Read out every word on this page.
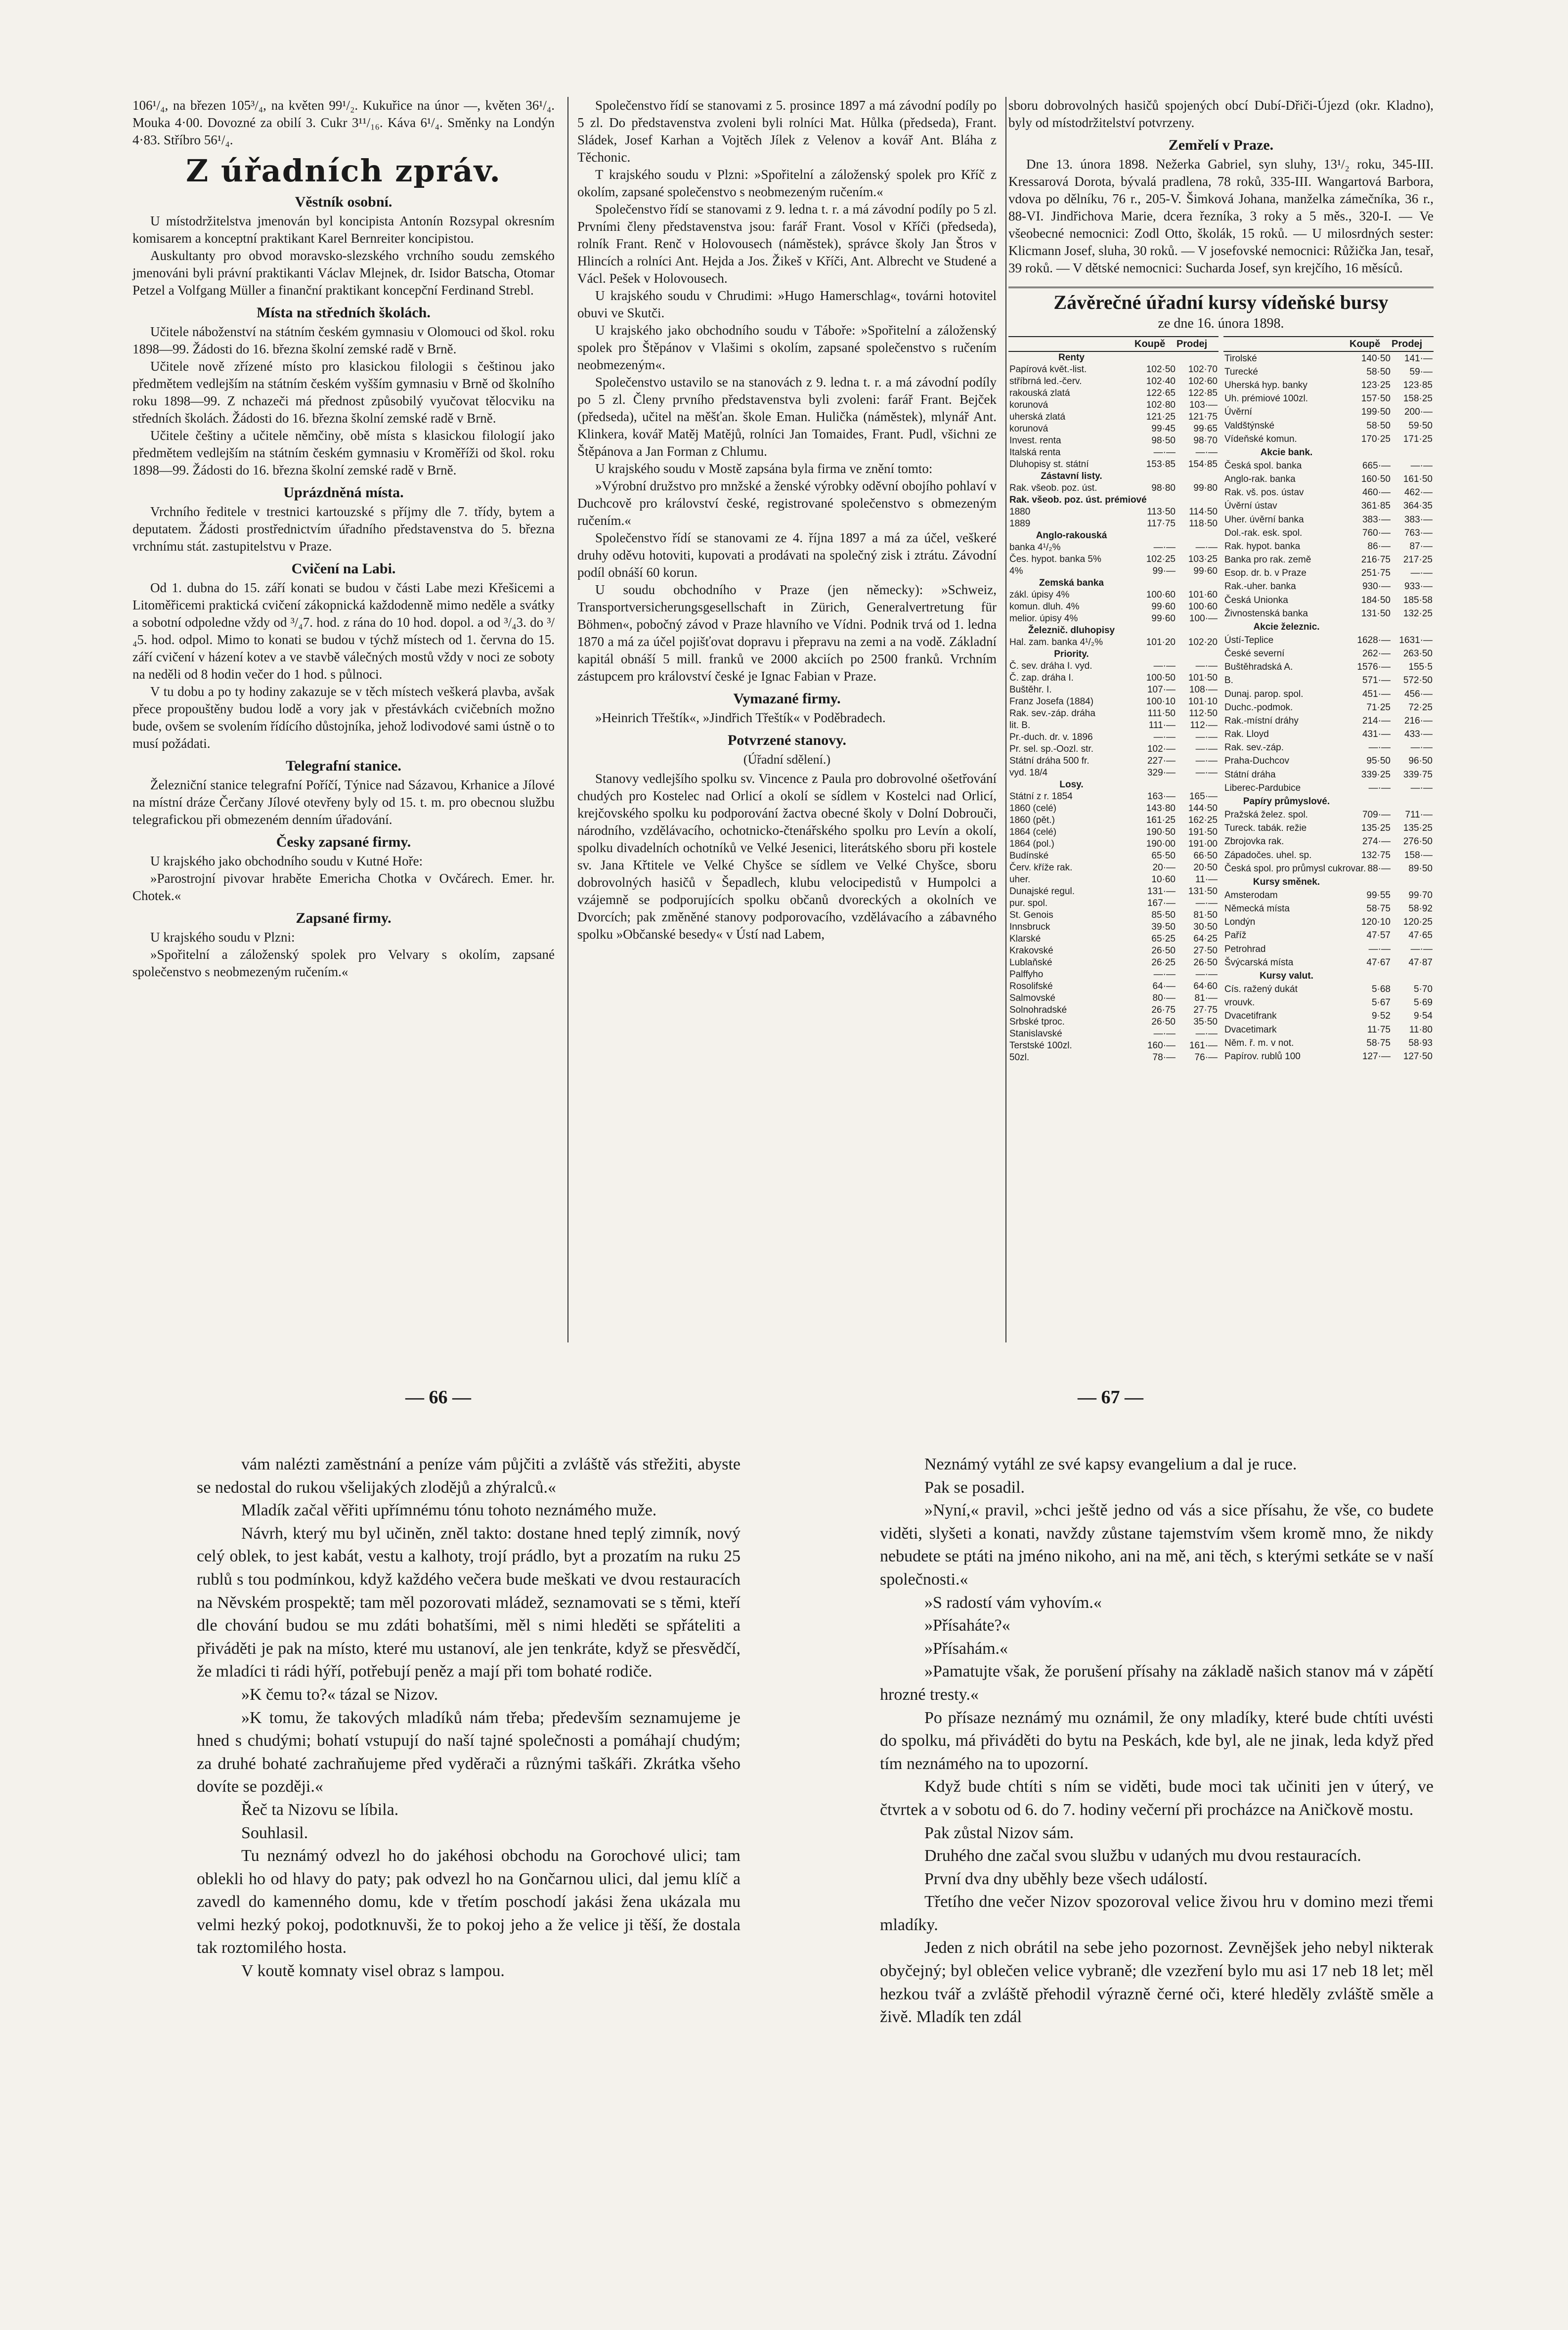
106¹/₄, na březen 105³/₄, na květen 99¹/₂. Kukuřice na únor —, květen 36¹/₄. Mouka 4·00. Dovozné za obilí 3. Cukr 3¹¹/₁₆. Káva 6¹/₄. Směnky na Londýn 4·83. Stříbro 56¹/₄.

Z úřadních zpráv.
Věstník osobní.

U místodržitelstva jmenován byl koncipista Antonín Rozsypal okresním komisarem a konceptní praktikant Karel Bernreiter koncipistou.

Auskultanty pro obvod moravsko-slezského vrchního soudu zemského jmenováni byli právní praktikanti Václav Mlejnek, dr. Isidor Batscha, Otomar Petzel a Volfgang Müller a finanční praktikant koncepční Ferdinand Strebl.

Místa na středních školách.

Učitele náboženství na státním českém gymnasiu v Olomouci od škol. roku 1898—99. Žádosti do 16. března školní zemské radě v Brně.

Učitele nově zřízené místo pro klasickou filologii s češtinou jako předmětem vedlejším na státním českém vyšším gymnasiu v Brně od školního roku 1898—99. Z nchazeči má přednost způsobilý vyučovat tělocviku na středních školách. Žádosti do 16. března školní zemské radě v Brně.

Učitele češtiny a učitele němčiny, obě místa s klasickou filologií jako předmětem vedlejším na státním českém gymnasiu v Kroměříži od škol. roku 1898—99. Žádosti do 16. března školní zemské radě v Brně.

Uprázdněná místa.

Vrchního ředitele v trestnici kartouzské s příjmy dle 7. třídy, bytem a deputatem. Žádosti prostřednictvím úřadního představenstva do 5. března vrchnímu stát. zastupitelstvu v Praze.

Cvičení na Labi.

Od 1. dubna do 15. září konati se budou v části Labe mezi Křešicemi a Litoměřicemi praktická cvičení zákopnická každodenně mimo neděle a svátky a sobotní odpoledne vždy od ³/₄7. hod. z rána do 10 hod. dopol. a od ³/₄3. do ³/₄5. hod. odpol. Mimo to konati se budou v týchž místech od 1. června do 15. září cvičení v házení kotev a ve stavbě válečných mostů vždy v noci ze soboty na neděli od 8 hodin večer do 1 hod. s půlnoci.

V tu dobu a po ty hodiny zakazuje se v těch místech veškerá plavba, avšak přece propouštěny budou lodě a vory jak v přestávkách cvičebních možno bude, ovšem se svolením řídícího důstojníka, jehož lodivodové sami ústně o to musí požádati.

Telegrafní stanice.

Železniční stanice telegrafní Poříčí, Týnice nad Sázavou, Krhanice a Jílové na místní dráze Čerčany Jílové otevřeny byly od 15. t. m. pro obecnou službu telegrafickou při obmezeném denním úřadování.

Česky zapsané firmy.

U krajského jako obchodního soudu v Kutné Hoře:

»Parostrojní pivovar hraběte Emericha Chotka v Ovčárech. Emer. hr. Chotek.«

Zapsané firmy.

U krajského soudu v Plzni:

»Spořitelní a záloženský spolek pro Velvary s okolím, zapsané společenstvo s neobmezeným ručením.«

Společenstvo řídí se stanovami z 5. prosince 1897 a má závodní podíly po 5 zl. Do představenstva zvoleni byli rolníci Mat. Hůlka (předseda), Frant. Sládek, Josef Karhan a Vojtěch Jílek z Velenov a kovář Ant. Bláha z Těchonic.

T krajského soudu v Plzni: »Spořitelní a záloženský spolek pro Kříč z okolím, zapsané společenstvo s neobmezeným ručením.«

Společenstvo řídí se stanovami z 9. ledna t. r. a má závodní podíly po 5 zl. Prvními členy představenstva jsou: farář Frant. Vosol v Kříči (předseda), rolník Frant. Renč v Holovousech (náměstek), správce školy Jan Štros v Hlincích a rolníci Ant. Hejda a Jos. Žikeš v Kříči, Ant. Albrecht ve Studené a Václ. Pešek v Holovousech.

U krajského soudu v Chrudimi: »Hugo Hamerschlag«, továrni hotovitel obuvi ve Skutči.

U krajského jako obchodního soudu v Táboře: »Spořitelní a záloženský spolek pro Štěpánov v Vlašimi s okolím, zapsané společenstvo s ručením neobmezeným«.

Společenstvo ustavilo se na stanovách z 9. ledna t. r. a má závodní podíly po 5 zl. Členy prvního představenstva byli zvoleni: farář Frant. Bejček (předseda), učitel na měšťan. škole Eman. Hulička (náměstek), mlynář Ant. Klinkera, kovář Matěj Matějů, rolníci Jan Tomaides, Frant. Pudl, všichni ze Štěpánova a Jan Forman z Chlumu.

U krajského soudu v Mostě zapsána byla firma ve znění tomto:

»Výrobní družstvo pro mnžské a ženské výrobky oděvní obojího pohlaví v Duchcově pro království české, registrované společenstvo s obmezeným ručením.«

Společenstvo řídí se stanovami ze 4. října 1897 a má za účel, veškeré druhy oděvu hotoviti, kupovati a prodávati na společný zisk i ztrátu. Závodní podíl obnáší 60 korun.

U soudu obchodního v Praze (jen německy): »Schweiz, Transportversicherungsgesellschaft in Zürich, Generalvertretung für Böhmen«, pobočný závod v Praze hlavního ve Vídni. Podnik trvá od 1. ledna 1870 a má za účel pojišťovat dopravu i přepravu na zemi a na vodě. Základní kapitál obnáší 5 mill. franků ve 2000 akciích po 2500 franků. Vrchním zástupcem pro království české je Ignac Fabian v Praze.

Vymazané firmy.

»Heinrich Třeštík«, »Jindřich Třeštík« v Poděbradech.

Potvrzené stanovy.
(Úřadní sdělení.)

Stanovy vedlejšího spolku sv. Vincence z Paula pro dobrovolné ošetřování chudých pro Kostelec nad Orlicí a okolí se sídlem v Kostelci nad Orlicí, krejčovského spolku ku podporování žactva obecné školy v Dolní Dobrouči, národního, vzdělávacího, ochotnicko-čtenářského spolku pro Levín a okolí, spolku divadelních ochotníků ve Velké Jesenici, literátského sboru při kostele sv. Jana Křtitele ve Velké Chyšce se sídlem ve Velké Chyšce, sboru dobrovolných hasičů v Šepadlech, klubu velocipedistů v Humpolci a vzájemně se podporujících spolku občanů dvoreckých a okolních ve Dvorcích; pak změněné stanovy podporovacího, vzdělávacího a zábavného spolku »Občanské besedy« v Ústí nad Labem,

sboru dobrovolných hasičů spojených obcí Dubí-Dřiči-Újezd (okr. Kladno), byly od místodržitelství potvrzeny.

Zemřelí v Praze.

Dne 13. února 1898. Nežerka Gabriel, syn sluhy, 13¹/₂ roku, 345-III. Kressarová Dorota, bývalá pradlena, 78 roků, 335-III. Wangartová Barbora, vdova po dělníku, 76 r., 205-V. Šimková Johana, manželka zámečníka, 36 r., 88-VI. Jindřichova Marie, dcera řezníka, 3 roky a 5 měs., 320-I. — Ve všeobecné nemocnici: Zodl Otto, školák, 15 roků. — U milosrdných sester: Klicmann Josef, sluha, 30 roků. — V josefovské nemocnici: Růžička Jan, tesař, 39 roků. — V dětské nemocnici: Sucharda Josef, syn krejčího, 16 měsíců.

Závěrečné úřadní kursy vídeňské bursy
ze dne 16. února 1898.
	Koupě	Prodej
Renty		
Papírová květ.-list.	102·50	102·70
stříbrná led.-červ.	102·40	102·60
rakouská zlatá	122·65	122·85
korunová	102·80	103·—
uherská zlatá	121·25	121·75
korunová	99·45	99·65
Invest. renta	98·50	98·70
Italská renta	—·—	—·—
Dluhopisy st. státní	153·85	154·85
Zástavní listy.		
Rak. všeob. poz. úst.	98·80	99·80
Rak. všeob. poz. úst. prémiové		
1880	113·50	114·50
1889	117·75	118·50
Anglo-rakouská		
banka 4¹/₂%	—·—	—·—
Čes. hypot. banka 5%	102·25	103·25
4%	99·—	99·60
Zemská banka		
zákl. úpisy 4%	100·60	101·60
komun. dluh. 4%	99·60	100·60
melior. úpisy 4%	99·60	100·—
Železnič. dluhopisy		
Hal. zam. banka 4¹/₂%	101·20	102·20
Priority.		
Č. sev. dráha I. vyd.	—·—	—·—
Č. zap. dráha I.	100·50	101·50
Buštěhr. I.	107·—	108·—
Franz Josefa (1884)	100·10	101·10
Rak. sev.-záp. dráha	111·50	112·50
lit. B.	111·—	112·—
Pr.-duch. dr. v. 1896	—·—	—·—
Pr. sel. sp.-Oozl. str.	102·—	—·—
Státní dráha 500 fr.	227·—	—·—
vyd. 18/4	329·—	—·—
Losy.		
Státní z r. 1854	163·—	165·—
1860 (celé)	143·80	144·50
1860 (pět.)	161·25	162·25
1864 (celé)	190·50	191·50
1864 (pol.)	190·00	191·00
Budínské	65·50	66·50
Červ. kříže rak.	20·—	20·50
uher.	10·60	11·—
Dunajské regul.	131·—	131·50
pur. spol.	167·—	—·—
St. Genois	85·50	81·50
Innsbruck	39·50	30·50
Klarské	65·25	64·25
Krakovské	26·50	27·50
Lublaňské	26·25	26·50
Palffyho	—·—	—·—
Rosolifské	64·—	64·60
Salmovské	80·—	81·—
Solnohradské	26·75	27·75
Srbské tproc.	26·50	35·50
Stanislavské	—·—	—·—
Terstské 100zl.	160·—	161·—
50zl.	78·—	76·—
	Koupě	Prodej
Tirolské	140·50	141·—
Turecké	58·50	59·—
Uherská hyp. banky	123·25	123·85
Uh. prémiové 100zl.	157·50	158·25
Úvěrní	199·50	200·—
Valdštýnské	58·50	59·50
Vídeňské komun.	170·25	171·25
Akcie bank.		
Česká spol. banka	665·—	—·—
Anglo-rak. banka	160·50	161·50
Rak. vš. pos. ústav	460·—	462·—
Úvěrní ústav	361·85	364·35
Uher. úvěrní banka	383·—	383·—
Dol.-rak. esk. spol.	760·—	763·—
Rak. hypot. banka	86·—	87·—
Banka pro rak. země	216·75	217·25
Esop. dr. b. v Praze	251·75	—·—
Rak.-uher. banka	930·—	933·—
Česká Unionka	184·50	185·58
Živnostenská banka	131·50	132·25
Akcie železnic.		
Ústí-Teplice	1628·—	1631·—
České severní	262·—	263·50
Buštěhradská A.	1576·—	155·5
B.	571·—	572·50
Dunaj. parop. spol.	451·—	456·—
Duchc.-podmok.	71·25	72·25
Rak.-místní dráhy	214·—	216·—
Rak. Lloyd	431·—	433·—
Rak. sev.-záp.	—·—	—·—
Praha-Duchcov	95·50	96·50
Státní dráha	339·25	339·75
Liberec-Pardubice	—·—	—·—
Papíry průmyslové.		
Pražská želez. spol.	709·—	711·—
Tureck. tabák. režie	135·25	135·25
Zbrojovka rak.	274·—	276·50
Západočes. uhel. sp.	132·75	158·—
Česká spol. pro průmysl cukrovar.	88·—	89·50
Kursy směnek.		
Amsterodam	99·55	99·70
Německá místa	58·75	58·92
Londýn	120·10	120·25
Paříž	47·57	47·65
Petrohrad	—·—	—·—
Švýcarská místa	47·67	47·87
Kursy valut.		
Cís. ražený dukát	5·68	5·70
vrouvk.	5·67	5·69
Dvacetifrank	9·52	9·54
Dvacetimark	11·75	11·80
Něm. ř. m. v not.	58·75	58·93
Papírov. rublů 100	127·—	127·50
— 66 —	— 67 —

vám nalézti zaměstnání a peníze vám půjčiti a zvláště vás střežiti, abyste se nedostal do rukou všelijakých zlodějů a zhýralců.«

Mladík začal věřiti upřímnému tónu tohoto neznámého muže.

Návrh, který mu byl učiněn, zněl takto: dostane hned teplý zimník, nový celý oblek, to jest kabát, vestu a kalhoty, trojí prádlo, byt a prozatím na ruku 25 rublů s tou podmínkou, když každého večera bude meškati ve dvou restauracích na Něvském prospektě; tam měl pozorovati mládež, seznamovati se s těmi, kteří dle chování budou se mu zdáti bohatšími, měl s nimi hleděti se spřáteliti a přiváděti je pak na místo, které mu ustanoví, ale jen tenkráte, když se přesvědčí, že mladíci ti rádi hýří, potřebují peněz a mají při tom bohaté rodiče.

»K čemu to?« tázal se Nizov.

»K tomu, že takových mladíků nám třeba; především seznamujeme je hned s chudými; bohatí vstupují do naší tajné společnosti a pomáhají chudým; za druhé bohaté zachraňujeme před vyděrači a různými taškáři. Zkrátka všeho dovíte se později.«

Řeč ta Nizovu se líbila.

Souhlasil.

Tu neznámý odvezl ho do jakéhosi obchodu na Gorochové ulici; tam oblekli ho od hlavy do paty; pak odvezl ho na Gončarnou ulici, dal jemu klíč a zavedl do kamenného domu, kde v třetím poschodí jakási žena ukázala mu velmi hezký pokoj, podotknuvši, že to pokoj jeho a že velice ji těší, že dostala tak roztomilého hosta.

V koutě komnaty visel obraz s lampou.

Neznámý vytáhl ze své kapsy evangelium a dal je ruce.

Pak se posadil.

»Nyní,« pravil, »chci ještě jedno od vás a sice přísahu, že vše, co budete viděti, slyšeti a konati, navždy zůstane tajemstvím všem kromě mno, že nikdy nebudete se ptáti na jméno nikoho, ani na mě, ani těch, s kterými setkáte se v naší společnosti.«

»S radostí vám vyhovím.«

»Přísaháte?«

»Přísahám.«

»Pamatujte však, že porušení přísahy na základě našich stanov má v zápětí hrozné tresty.«

Po přísaze neznámý mu oznámil, že ony mladíky, které bude chtíti uvésti do spolku, má přiváděti do bytu na Peskách, kde byl, ale ne jinak, leda když před tím neznámého na to upozorní.

Když bude chtíti s ním se viděti, bude moci tak učiniti jen v úterý, ve čtvrtek a v sobotu od 6. do 7. hodiny večerní při procházce na Aničkově mostu.

Pak zůstal Nizov sám.

Druhého dne začal svou službu v udaných mu dvou restauracích.

První dva dny uběhly beze všech událostí.

Třetího dne večer Nizov spozoroval velice živou hru v domino mezi třemi mladíky.

Jeden z nich obrátil na sebe jeho pozornost. Zevnějšek jeho nebyl nikterak obyčejný; byl oblečen velice vybraně; dle vzezření bylo mu asi 17 neb 18 let; měl hezkou tvář a zvláště přehodil výrazně černé oči, které hleděly zvláště směle a živě. Mladík ten zdál
